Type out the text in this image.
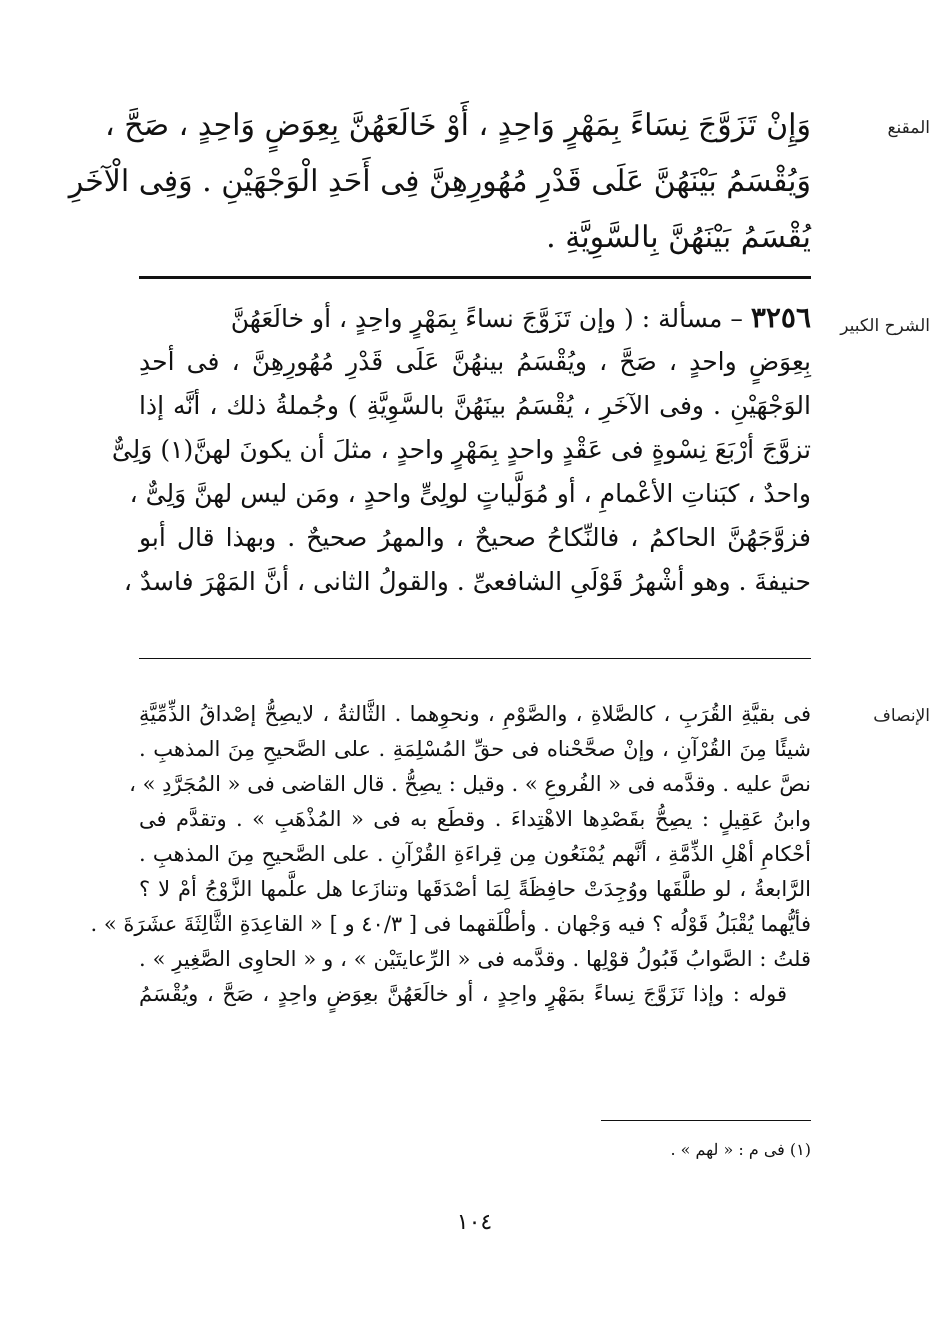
المقنع
وَإِنْ تَزَوَّجَ نِسَاءً بِمَهْرٍ وَاحِدٍ ، أَوْ خَالَعَهُنَّ بِعِوَضٍ وَاحِدٍ ، صَحَّ ،
وَيُقْسَمُ بَيْنَهُنَّ عَلَى قَدْرِ مُهُورِهِنَّ فِى أَحَدِ الْوَجْهَيْنِ . وَفِى الْآخَرِ
يُقْسَمُ بَيْنَهُنَّ بِالسَّوِيَّةِ .
الشرح الكبير
٣٢٥٦ – مسألة : ( وإن تَزَوَّجَ نساءً بِمَهْرٍ واحِدٍ ، أو خالَعَهُنَّ
بِعِوَضٍ واحدٍ ، صَحَّ ، ويُقْسَمُ بينهُنَّ عَلَى قَدْرِ مُهُورِهِنَّ ، فى أحدِ
الوَجْهَيْنِ . وفى الآخَرِ ، يُقْسَمُ بينَهُنَّ بالسَّوِيَّةِ ) وجُملةُ ذلك ، أنَّه إذا
تزوَّجَ أرْبَعَ نِسْوةٍ فى عَقْدٍ واحدٍ بِمَهْرٍ واحدٍ ، مثلَ أن يكونَ لهنَّ(١) وَلِىٌّ
واحدٌ ، كبَناتِ الأعْمامِ ، أو مُوَلَّياتٍ لولِىٍّ واحدٍ ، ومَن ليس لهنَّ وَلِىٌّ ،
فزوَّجَهُنَّ الحاكمُ ، فالنِّكاحُ صحيحٌ ، والمهرُ صحيحٌ . وبهذا قال أبو
حنيفةَ . وهو أشْهرُ قَوْلَىِ الشافعىِّ . والقولُ الثانى ، أنَّ المَهْرَ فاسدٌ ،
الإنصاف
فى بقيَّةِ القُرَبِ ، كالصَّلاةِ ، والصَّوْمِ ، ونحوِهما . الثَّالثةُ ، لايصِحُّ إصْداقُ الذِّمِّيَّةِ
شيئًا مِنَ القُرْآنِ ، وإنْ صحَّحْناه فى حقِّ المُسْلِمَةِ . على الصَّحيحِ مِنَ المذهبِ .
نصَّ عليه . وقدَّمه فى « الفُروعِ » . وقيل : يصِحُّ . قال القاضى فى « المُجَرَّدِ » ،
وابنُ عَقِيلٍ : يصِحُّ بقَصْدِها الاهْتِداءَ . وقطَع به فى « المُذْهَبِ » . وتقدَّم فى
أحْكامِ أهْلِ الذِّمَّةِ ، أنَّهم يُمْنَعُون مِن قِراءَةِ القُرْآنِ . على الصَّحيحِ مِنَ المذهبِ .
الرَّابعةُ ، لو طلَّقَها ووُجِدَتْ حافِظَةً لِمَا أصْدَقَها وتنازَعا هل علَّمها الزَّوْجُ أمْ لا ؟
فأيُّهما يُقْبَلُ قَوْلُه ؟ فيه وَجْهان . وأطْلَقهما فى [ ٤٠/٣ و ] « القاعِدَةِ الثَّالِثَةَ عشَرَةَ » .
قلتُ : الصَّوابُ قَبُولُ قوْلِها . وقدَّمه فى « الرِّعايتَيْن » ، و « الحاوِى الصَّغِيرِ » .
قوله : وإذا تَزَوَّجَ نِساءً بمَهْرٍ واحِدٍ ، أو خالَعَهُنَّ بعِوَضٍ واحِدٍ ، صَحَّ ، ويُقْسَمُ
(١) فى م : « لهم » .
١٠٤
